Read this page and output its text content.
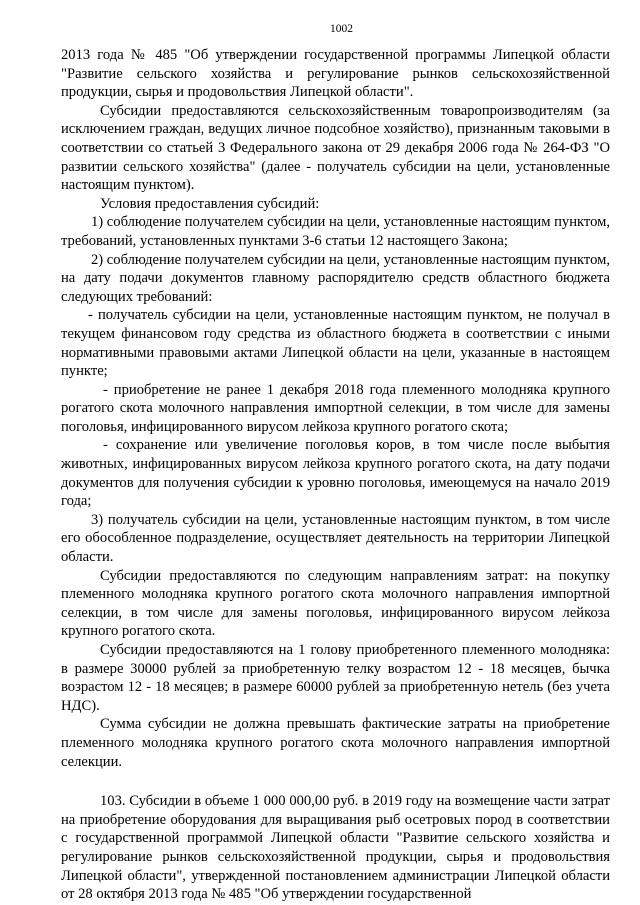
1002

2013 года № 485 "Об утверждении государственной программы Липецкой области "Развитие сельского хозяйства и регулирование рынков сельскохозяйственной продукции, сырья и продовольствия Липецкой области".

Субсидии предоставляются сельскохозяйственным товаропроизводителям (за исключением граждан, ведущих личное подсобное хозяйство), признанным таковыми в соответствии со статьей 3 Федерального закона от 29 декабря 2006 года № 264-ФЗ "О развитии сельского хозяйства" (далее - получатель субсидии на цели, установленные настоящим пунктом).

Условия предоставления субсидий:

1) соблюдение получателем субсидии на цели, установленные настоящим пунктом, требований, установленных пунктами 3-6 статьи 12 настоящего Закона;

2) соблюдение получателем субсидии на цели, установленные настоящим пунктом, на дату подачи документов главному распорядителю средств областного бюджета следующих требований:

- получатель субсидии на цели, установленные настоящим пунктом, не получал в текущем финансовом году средства из областного бюджета в соответствии с иными нормативными правовыми актами Липецкой области на цели, указанные в настоящем пункте;

- приобретение не ранее 1 декабря 2018 года племенного молодняка крупного рогатого скота молочного направления импортной селекции, в том числе для замены поголовья, инфицированного вирусом лейкоза крупного рогатого скота;

- сохранение или увеличение поголовья коров, в том числе после выбытия животных, инфицированных вирусом лейкоза крупного рогатого скота, на дату подачи документов для получения субсидии к уровню поголовья, имеющемуся на начало 2019 года;

3) получатель субсидии на цели, установленные настоящим пунктом, в том числе его обособленное подразделение, осуществляет деятельность на территории Липецкой области.

Субсидии предоставляются по следующим направлениям затрат: на покупку племенного молодняка крупного рогатого скота молочного направления импортной селекции, в том числе для замены поголовья, инфицированного вирусом лейкоза крупного рогатого скота.

Субсидии предоставляются на 1 голову приобретенного племенного молодняка: в размере 30000 рублей за приобретенную телку возрастом 12 - 18 месяцев, бычка возрастом 12 - 18 месяцев; в размере 60000 рублей за приобретенную нетель (без учета НДС).

Сумма субсидии не должна превышать фактические затраты на приобретение племенного молодняка крупного рогатого скота молочного направления импортной селекции.

103. Субсидии в объеме 1 000 000,00 руб. в 2019 году на возмещение части затрат на приобретение оборудования для выращивания рыб осетровых пород в соответствии с государственной программой Липецкой области "Развитие сельского хозяйства и регулирование рынков сельскохозяйственной продукции, сырья и продовольствия Липецкой области", утвержденной постановлением администрации Липецкой области от 28 октября 2013 года № 485 "Об утверждении государственной
